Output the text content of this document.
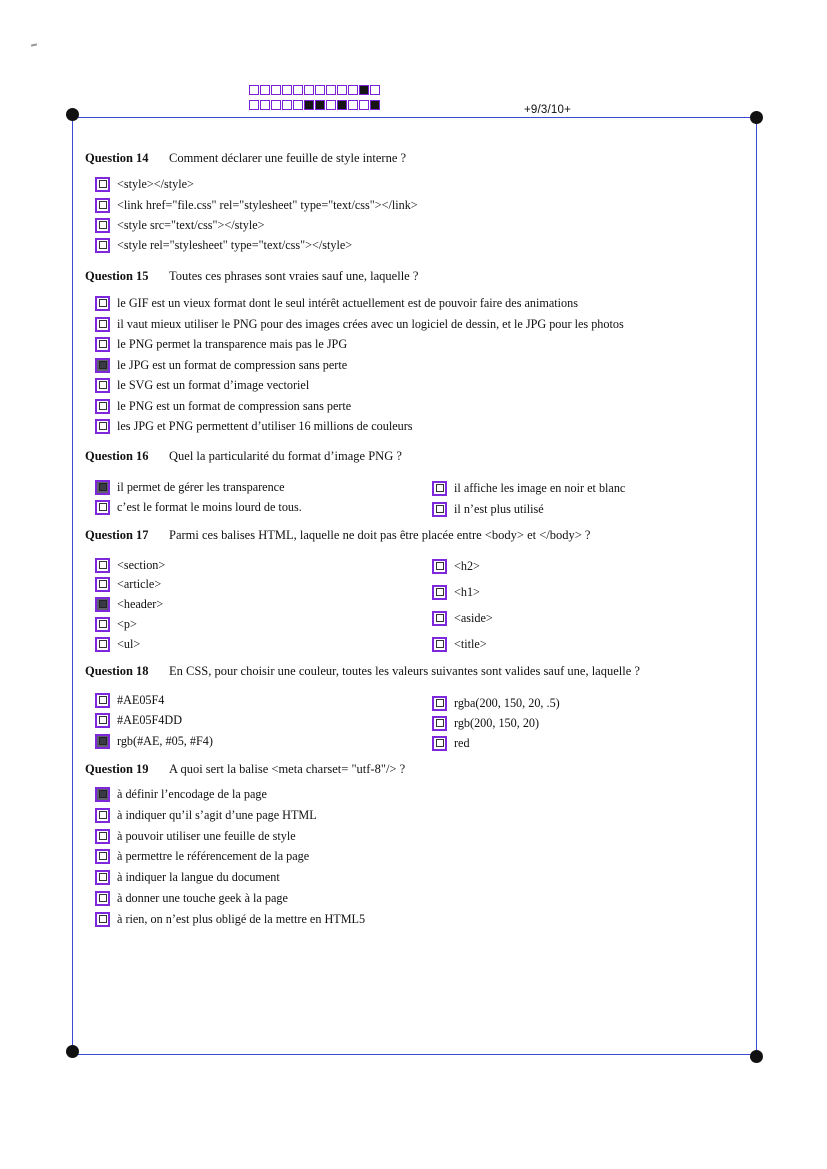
+9/3/10+
Question 14 Comment déclarer une feuille de style interne ?
<style></style>
<link href="file.css" rel="stylesheet" type="text/css"></link>
<style src="text/css"></style>
<style rel="stylesheet" type="text/css"></style>
Question 15 Toutes ces phrases sont vraies sauf une, laquelle ?
le GIF est un vieux format dont le seul intérêt actuellement est de pouvoir faire des animations
il vaut mieux utiliser le PNG pour des images crées avec un logiciel de dessin, et le JPG pour les photos
le PNG permet la transparence mais pas le JPG
le JPG est un format de compression sans perte
le SVG est un format d’image vectoriel
le PNG est un format de compression sans perte
les JPG et PNG permettent d’utiliser 16 millions de couleurs
Question 16 Quel la particularité du format d’image PNG ?
il permet de gérer les transparence
c’est le format le moins lourd de tous.
il affiche les image en noir et blanc
il n’est plus utilisé
Question 17 Parmi ces balises HTML, laquelle ne doit pas être placée entre <body> et </body> ?
<section>
<article>
<header>
<p>
<ul>
<h2>
<h1>
<aside>
<title>
Question 18 En CSS, pour choisir une couleur, toutes les valeurs suivantes sont valides sauf une, laquelle ?
#AE05F4
#AE05F4DD
rgb(#AE, #05, #F4)
rgba(200, 150, 20, .5)
rgb(200, 150, 20)
red
Question 19 A quoi sert la balise <meta charset= "utf-8"/> ?
à définir l’encodage de la page
à indiquer qu’il s’agit d’une page HTML
à pouvoir utiliser une feuille de style
à permettre le référencement de la page
à indiquer la langue du document
à donner une touche geek à la page
à rien, on n’est plus obligé de la mettre en HTML5
